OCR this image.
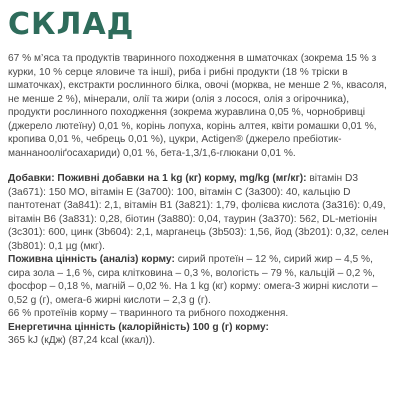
СКЛАД

67 % м’яса та продуктів тваринного походження в шматочках (зокрема 15 % з курки, 10 % серце яловиче та інші), риба і рибні продукти (18 % тріски в шматочках), екстракти рослинного білка, овочі (морква, не менше 2 %, квасоля, не менше 2 %), мінерали, олії та жири (олія з лосося, олія з огірочника), продукти рослинного походження (зокрема журавлина 0,05 %, чорнобривці (джерело лютеїну) 0,01 %, корінь лопуха, корінь алтея, квіти ромашки 0,01 %, кропива 0,01 %, чебрець 0,01 %), цукри, Actigen® (джерело пребіотик-маннанооліґосахариди) 0,01 %, бета-1,3/1,6-глюкани 0,01 %.

Добавки: Поживні добавки на 1 kg (кг) корму, mg/kg (мг/кг): вітамін D3 (3a671): 150 МО, вітамін Е (3a700): 100, вітамін С (3a300): 40, кальцію D пантотенат (3a841): 2,1, вітамін В1 (3a821): 1,79, фолієва кислота (3a316): 0,49, вітамін В6 (3a831): 0,28, біотин (3a880): 0,04, таурин (3a370): 562, DL-метіонін (3c301): 600, цинк (3b604): 2,1, марганець (3b503): 1,56, йод (3b201): 0,32, селен (3b801): 0,1 µg (мкг).

Поживна цінність (аналіз) корму: сирий протеїн – 12 %, сирий жир – 4,5 %, сира зола – 1,6 %, сира клітковина – 0,3 %, вологість – 79 %, кальцій – 0,2 %, фосфор – 0,18 %, магній – 0,02 %. На 1 kg (кг) корму: омега-3 жирні кислоти – 0,52 g (г), омега-6 жирні кислоти – 2,3 g (г).

66 % протеїнів корму – тваринного та рибного походження.

Енергетична цінність (калорійність) 100 g (г) корму:
365 kJ (кДж) (87,24 kcal (ккал)).
